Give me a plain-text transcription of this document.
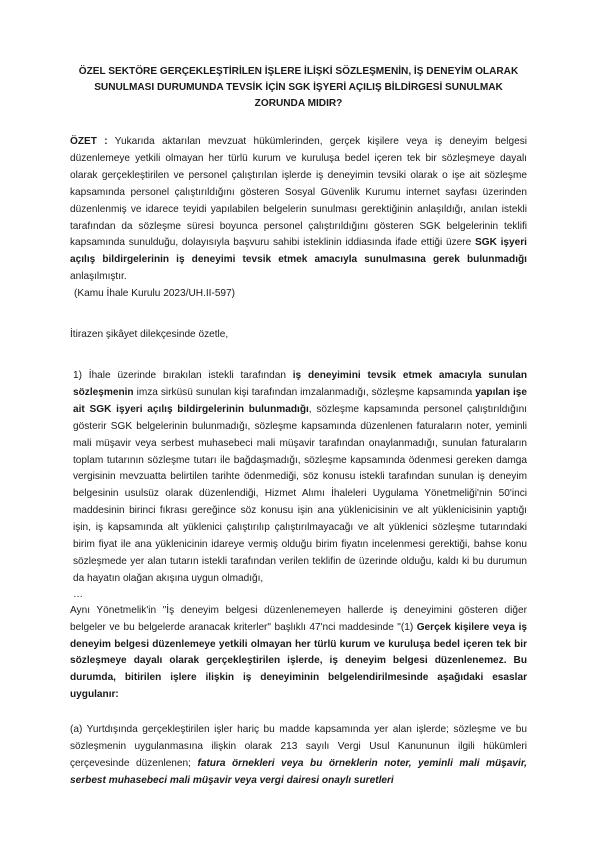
ÖZEL SEKTÖRE GERÇEKLEŞTİRİLEN İŞLERE İLİŞKİ SÖZLEŞMENİN, İŞ DENEYİM OLARAK SUNULMASI DURUMUNDA TEVSİK İÇİN SGK İŞYERİ AÇILIŞ BİLDİRGESİ SUNULMAK ZORUNDA MIDIR?

ÖZET : Yukarıda aktarılan mevzuat hükümlerinden, gerçek kişilere veya iş deneyim belgesi düzenlemeye yetkili olmayan her türlü kurum ve kuruluşa bedel içeren tek bir sözleşmeye dayalı olarak gerçekleştirilen ve personel çalıştırılan işlerde iş deneyimin tevsiki olarak o işe ait sözleşme kapsamında personel çalıştırıldığını gösteren Sosyal Güvenlik Kurumu internet sayfası üzerinden düzenlenmiş ve idarece teyidi yapılabilen belgelerin sunulması gerektiğinin anlaşıldığı, anılan istekli tarafından da sözleşme süresi boyunca personel çalıştırıldığını gösteren SGK belgelerinin teklifi kapsamında sunulduğu, dolayısıyla başvuru sahibi isteklinin iddiasında ifade ettiği üzere SGK işyeri açılış bildirgelerinin iş deneyimi tevsik etmek amacıyla sunulmasına gerek bulunmadığı anlaşılmıştır.

(Kamu İhale Kurulu 2023/UH.II-597)

İtirazen şikâyet dilekçesinde özetle,

1) İhale üzerinde bırakılan istekli tarafından iş deneyimini tevsik etmek amacıyla sunulan sözleşmenin imza sirküsü sunulan kişi tarafından imzalanmadığı, sözleşme kapsamında yapılan işe ait SGK işyeri açılış bildirgelerinin bulunmadığı, sözleşme kapsamında personel çalıştırıldığını gösterir SGK belgelerinin bulunmadığı, sözleşme kapsamında düzenlenen faturaların noter, yeminli mali müşavir veya serbest muhasebeci mali müşavir tarafından onaylanmadığı, sunulan faturaların toplam tutarının sözleşme tutarı ile bağdaşmadığı, sözleşme kapsamında ödenmesi gereken damga vergisinin mevzuatta belirtilen tarihte ödenmediği, söz konusu istekli tarafından sunulan iş deneyim belgesinin usulsüz olarak düzenlendiği, Hizmet Alımı İhaleleri Uygulama Yönetmeliği'nin 50'inci maddesinin birinci fıkrası gereğince söz konusu işin ana yüklenicisinin ve alt yüklenicisinin yaptığı işin, iş kapsamında alt yüklenici çalıştırılıp çalıştırılmayacağı ve alt yüklenici sözleşme tutarındaki birim fiyat ile ana yüklenicinin idareye vermiş olduğu birim fiyatın incelenmesi gerektiği, bahse konu sözleşmede yer alan tutarın istekli tarafından verilen teklifin de üzerinde olduğu, kaldı ki bu durumun da hayatın olağan akışına uygun olmadığı,

…

Aynı Yönetmelik'in "İş deneyim belgesi düzenlenemeyen hallerde iş deneyimini gösteren diğer belgeler ve bu belgelerde aranacak kriterler" başlıklı 47'nci maddesinde "(1) Gerçek kişilere veya iş deneyim belgesi düzenlemeye yetkili olmayan her türlü kurum ve kuruluşa bedel içeren tek bir sözleşmeye dayalı olarak gerçekleştirilen işlerde, iş deneyim belgesi düzenlenemez. Bu durumda, bitirilen işlere ilişkin iş deneyiminin belgelendirilmesinde aşağıdaki esaslar uygulanır:

(a) Yurtdışında gerçekleştirilen işler hariç bu madde kapsamında yer alan işlerde; sözleşme ve bu sözleşmenin uygulanmasına ilişkin olarak 213 sayılı Vergi Usul Kanununun ilgili hükümleri çerçevesinde düzenlenen; fatura örnekleri veya bu örneklerin noter, yeminli mali müşavir, serbest muhasebeci mali müşavir veya vergi dairesi onaylı suretleri
